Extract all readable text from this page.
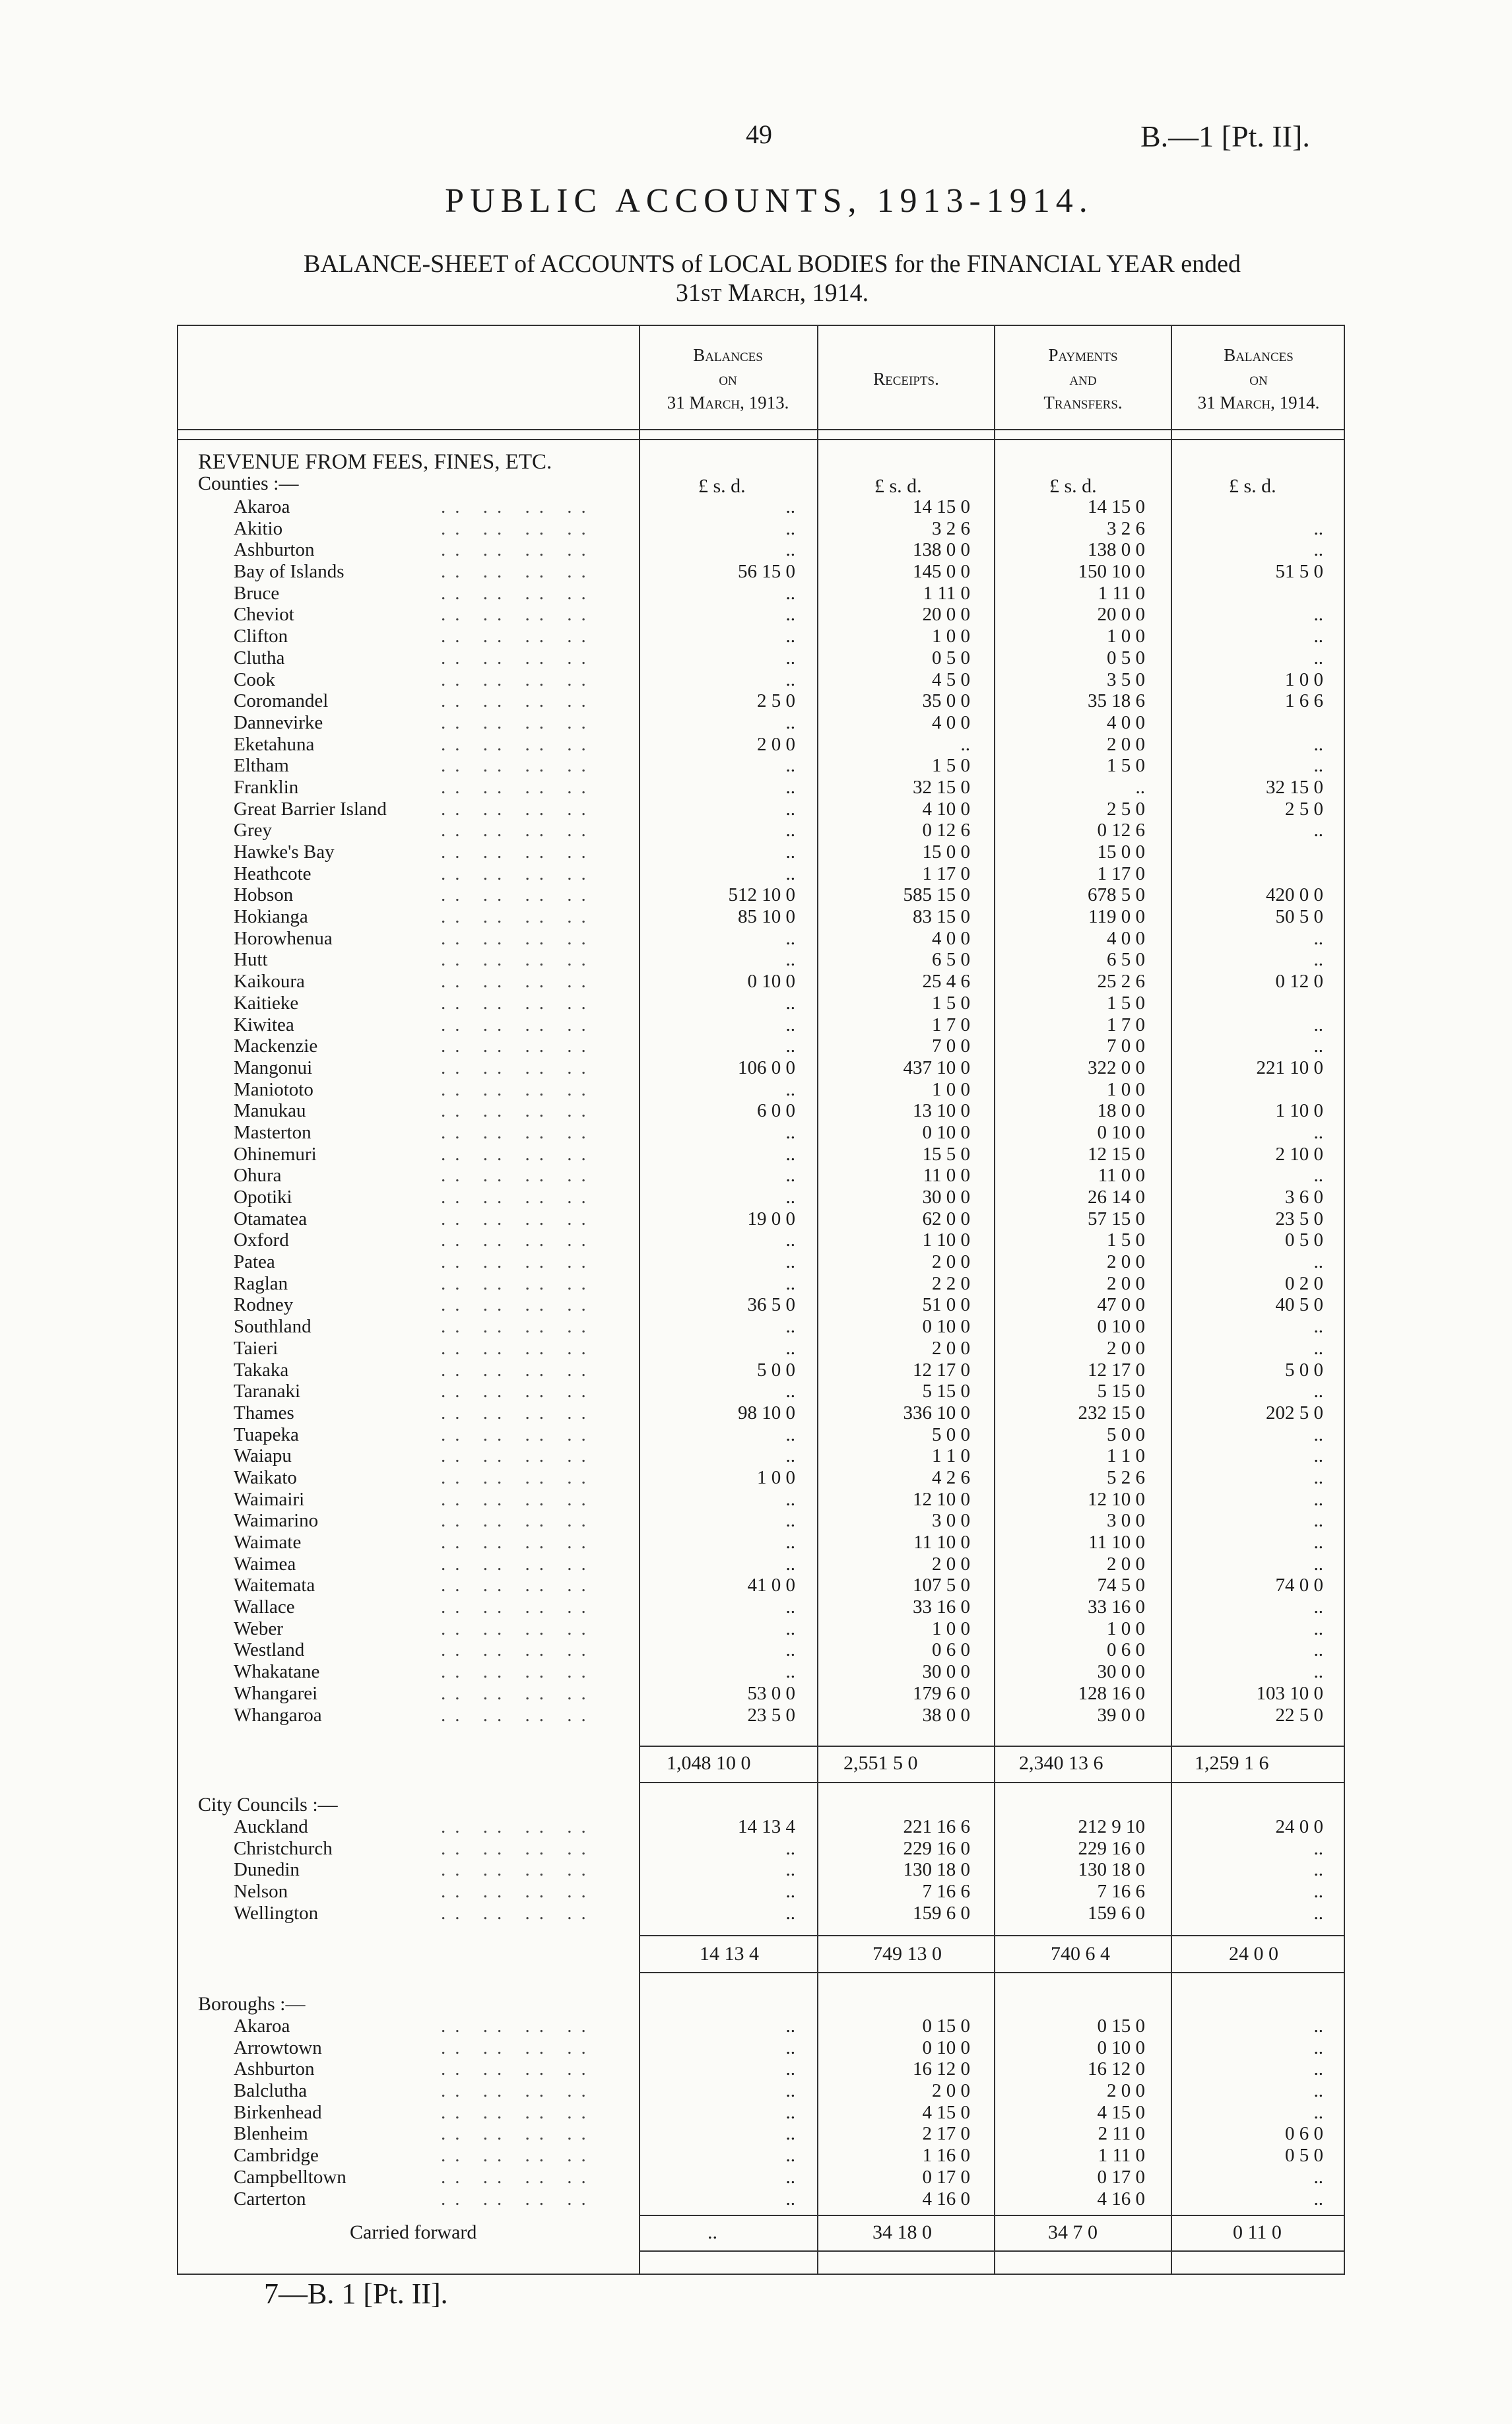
49	B.—1 [Pt. II].
PUBLIC ACCOUNTS, 1913-1914.
BALANCE-SHEET of ACCOUNTS of LOCAL BODIES for the FINANCIAL YEAR ended
31st March, 1914.
Balances
on
31 March, 1913.
Receipts.
Payments
and
Transfers.
Balances
on
31 March, 1914.
REVENUE FROM FEES, FINES, ETC.
£ s. d.	£ s. d.	£ s. d.	£ s. d.
Counties :—
Akaroa	..	14 15 0	14 15 0
.. .. .. ..
Akitio	..	3 2 6	3 2 6	..
.. .. .. ..
Ashburton	..	138 0 0	138 0 0	..
.. .. .. ..
Bay of Islands	56 15 0	145 0 0	150 10 0	51 5 0
.. .. .. ..
Bruce	..	1 11 0	1 11 0
.. .. .. ..
Cheviot	..	20 0 0	20 0 0	..
.. .. .. ..
Clifton	..	1 0 0	1 0 0	..
.. .. .. ..
Clutha	..	0 5 0	0 5 0	..
.. .. .. ..
Cook	..	4 5 0	3 5 0	1 0 0
.. .. .. ..
Coromandel	2 5 0	35 0 0	35 18 6	1 6 6
.. .. .. ..
Dannevirke	..	4 0 0	4 0 0
.. .. .. ..
Eketahuna	2 0 0	..	2 0 0	..
.. .. .. ..
Eltham	..	1 5 0	1 5 0	..
.. .. .. ..
Franklin	..	32 15 0	..	32 15 0
.. .. .. ..
Great Barrier Island	..	4 10 0	2 5 0	2 5 0
.. .. .. ..
Grey	..	0 12 6	0 12 6	..
.. .. .. ..
Hawke's Bay	..	15 0 0	15 0 0
.. .. .. ..
Heathcote	..	1 17 0	1 17 0
.. .. .. ..
Hobson	512 10 0	585 15 0	678 5 0	420 0 0
.. .. .. ..
Hokianga	85 10 0	83 15 0	119 0 0	50 5 0
.. .. .. ..
Horowhenua	..	4 0 0	4 0 0	..
.. .. .. ..
Hutt	..	6 5 0	6 5 0	..
.. .. .. ..
Kaikoura	0 10 0	25 4 6	25 2 6	0 12 0
.. .. .. ..
Kaitieke	..	1 5 0	1 5 0
.. .. .. ..
Kiwitea	..	1 7 0	1 7 0	..
.. .. .. ..
Mackenzie	..	7 0 0	7 0 0	..
.. .. .. ..
Mangonui	106 0 0	437 10 0	322 0 0	221 10 0
.. .. .. ..
Maniototo	..	1 0 0	1 0 0
.. .. .. ..
Manukau	6 0 0	13 10 0	18 0 0	1 10 0
.. .. .. ..
Masterton	..	0 10 0	0 10 0	..
.. .. .. ..
Ohinemuri	..	15 5 0	12 15 0	2 10 0
.. .. .. ..
Ohura	..	11 0 0	11 0 0	..
.. .. .. ..
Opotiki	..	30 0 0	26 14 0	3 6 0
.. .. .. ..
Otamatea	19 0 0	62 0 0	57 15 0	23 5 0
.. .. .. ..
Oxford	..	1 10 0	1 5 0	0 5 0
.. .. .. ..
Patea	..	2 0 0	2 0 0	..
.. .. .. ..
Raglan	..	2 2 0	2 0 0	0 2 0
.. .. .. ..
Rodney	36 5 0	51 0 0	47 0 0	40 5 0
.. .. .. ..
Southland	..	0 10 0	0 10 0	..
.. .. .. ..
Taieri	..	2 0 0	2 0 0	..
.. .. .. ..
Takaka	5 0 0	12 17 0	12 17 0	5 0 0
.. .. .. ..
Taranaki	..	5 15 0	5 15 0	..
.. .. .. ..
Thames	98 10 0	336 10 0	232 15 0	202 5 0
.. .. .. ..
Tuapeka	..	5 0 0	5 0 0	..
.. .. .. ..
Waiapu	..	1 1 0	1 1 0	..
.. .. .. ..
Waikato	1 0 0	4 2 6	5 2 6	..
.. .. .. ..
Waimairi	..	12 10 0	12 10 0	..
.. .. .. ..
Waimarino	..	3 0 0	3 0 0	..
.. .. .. ..
Waimate	..	11 10 0	11 10 0	..
.. .. .. ..
Waimea	..	2 0 0	2 0 0	..
.. .. .. ..
Waitemata	41 0 0	107 5 0	74 5 0	74 0 0
.. .. .. ..
Wallace	..	33 16 0	33 16 0	..
.. .. .. ..
Weber	..	1 0 0	1 0 0	..
.. .. .. ..
Westland	..	0 6 0	0 6 0	..
.. .. .. ..
Whakatane	..	30 0 0	30 0 0	..
.. .. .. ..
Whangarei	53 0 0	179 6 0	128 16 0	103 10 0
.. .. .. ..
Whangaroa	23 5 0	38 0 0	39 0 0	22 5 0
.. .. .. ..
1,048 10 0	2,551 5 0	2,340 13 6	1,259 1 6
City Councils :—
Auckland	14 13 4	221 16 6	212 9 10	24 0 0
.. .. .. ..
Christchurch	..	229 16 0	229 16 0	..
.. .. .. ..
Dunedin	..	130 18 0	130 18 0	..
.. .. .. ..
Nelson	..	7 16 6	7 16 6	..
.. .. .. ..
Wellington	..	159 6 0	159 6 0	..
.. .. .. ..
14 13 4	749 13 0	740 6 4	24 0 0
Boroughs :—
Akaroa	..	0 15 0	0 15 0	..
.. .. .. ..
Arrowtown	..	0 10 0	0 10 0	..
.. .. .. ..
Ashburton	..	16 12 0	16 12 0	..
.. .. .. ..
Balclutha	..	2 0 0	2 0 0	..
.. .. .. ..
Birkenhead	..	4 15 0	4 15 0	..
.. .. .. ..
Blenheim	..	2 17 0	2 11 0	0 6 0
.. .. .. ..
Cambridge	..	1 16 0	1 11 0	0 5 0
.. .. .. ..
Campbelltown	..	0 17 0	0 17 0	..
.. .. .. ..
Carterton	..	4 16 0	4 16 0	..
.. .. .. ..
Carried forward	..	34 18 0	34 7 0	0 11 0
7—B. 1 [Pt. II].
